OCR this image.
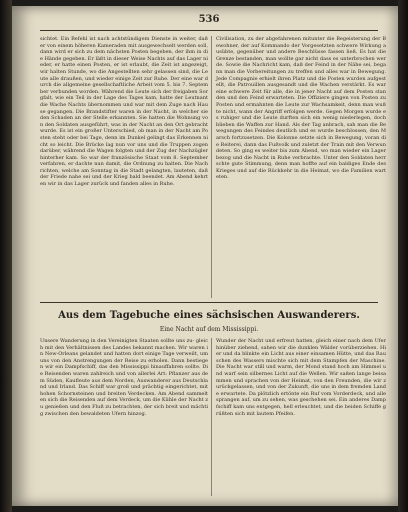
536
sichtet. Ein Befehl ist nach achtstündigem Dienste in weiter, daß er von einem höheren Kameraden mit ausgewechselt werden soll, dann wird er sich zu dem nächsten Posten begeben, der ihm in die Hände gegeben. Er läßt in dieser Weise Nachts auf das Lager nieder, er hatte einen Posten, er ist erlaubt, die Zeit ist angezeigt, wir halten Stunde, wo die Angestellten sehr gelassen sind, die Leute alle draußen, und wieder einige Zeit zur Ruhe. Der eine war durch die allgemeine gesellschaftliche Arbeit vom 5. bis 7. September verbunden worden. Während die Leute sich der freigaben Sorgfalt, wie ein Teil in der Lage des Tages kam, hatte der Leutnant die Wache Nachts übernommen und war mit dem Zuge nach Hause gegangen. Die Brandstifter waren in der Nacht, in welcher sie den Schaden an der Stelle erkannten. Sie hatten die Wohnung von den Soldaten ausgeführt, was in der Nacht an den Ort gebracht wurde. Es ist ein großer Unterschied, ob man in der Nacht am Posten steht oder bei Tage, denn im Dunkel gelingt das Erkennen nicht so leicht. Die Brücke lag nun vor uns und die Truppen zogen darüber, während die Wagen folgten und der Zug der Nachzügler hinterher kam. So war der französische Staat vom 8. September verfahren, er dachte nun damit, die Ordnung zu halten. Die Nachrichten, welche am Sonntag in die Stadt gelangten, lauteten, daß der Friede nahe sei und der Krieg bald beendet. Am Abend kehrten wir in das Lager zurück und fanden alles in Ruhe.
Civilisation, zu der abgefahrenen mitunter die Begeisterung der Bewohner, der auf Kommando der Vorgesetzten schwere Wirkung ausübte, gegenüber und andere Beschlüsse fassen ließ. Es hat die Grenze bestanden, man wollte gar nicht dass es unterbrochen werde. Sowie die Nachricht kam, daß der Feind in der Nähe sei, begann man die Vorbereitungen zu treffen und alles war in Bewegung. Jede Compagnie erhielt ihren Platz und die Posten wurden aufgestellt, die Patrouillen ausgesandt und die Wachen verstärkt. Es war eine schwere Zeit für alle, die in jener Nacht auf dem Posten standen und den Feind erwarteten. Die Offiziere gingen von Posten zu Posten und ermahnten die Leute zur Wachsamkeit, denn man wußte nicht, wann der Angriff erfolgen werde. Gegen Morgen wurde es ruhiger und die Leute durften sich ein wenig niederlegen, doch blieben die Waffen zur Hand. Als der Tag anbrach, sah man die Bewegungen des Feindes deutlich und es wurde beschlossen, den Marsch fortzusetzen. Die Kolonne setzte sich in Bewegung, voran die Reiterei, dann das Fußvolk und zuletzt der Train mit den Verwundeten. So ging es weiter bis zum Abend, wo man wieder ein Lager bezog und die Nacht in Ruhe verbrachte. Unter den Soldaten herrschte gute Stimmung, denn man hoffte auf ein baldiges Ende des Krieges und auf die Rückkehr in die Heimat, wo die Familien warteten.
Aus dem Tagebuche eines sächsischen Auswanderers.
Eine Nacht auf dem Mississippi.
Unsere Wanderung in den Vereinigten Staaten sollte uns zu- gleich mit den Verhältnissen des Landes bekannt machen. Wir waren in New-Orleans gelandet und hatten dort einige Tage verweilt, um uns von den Anstrengungen der Reise zu erholen. Dann bestiegen wir ein Dampfschiff, das den Mississippi hinauffahren sollte. Die Reisenden waren zahlreich und von allerlei Art: Pflanzer aus dem Süden, Kaufleute aus dem Norden, Auswanderer aus Deutschland und Irland. Das Schiff war groß und prächtig eingerichtet, mit hohen Schornsteinen und breiten Verdecken. Am Abend sammelten sich die Reisenden auf dem Verdeck, um die Kühle der Nacht zu genießen und den Fluß zu betrachten, der sich breit und mächtig zwischen den bewaldeten Ufern hinzog.
Wunder der Nacht und erfreut hatten, gleich einer nach dem Ufer hinüber ziehend, sahen wir die dunklen Wälder vorüberziehen. Hier und da blinkte ein Licht aus einer einsamen Hütte, und das Rauschen des Wassers mischte sich mit dem Stampfen der Maschine. Die Nacht war still und warm, der Mond stand hoch am Himmel und warf sein silbernes Licht auf die Wellen. Wir saßen lange beisammen und sprachen von der Heimat, von den Freunden, die wir zurückgelassen, und von der Zukunft, die uns in dem fremden Lande erwartete. Da plötzlich ertönte ein Ruf vom Vorderdeck, und alle sprangen auf, um zu sehen, was geschehen sei. Ein anderes Dampfschiff kam uns entgegen, hell erleuchtet, und die beiden Schiffe grüßten sich mit lautem Pfeifen.
